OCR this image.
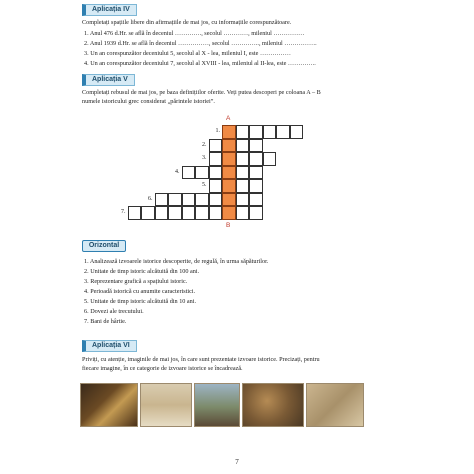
Aplicația IV
Completați spațiile libere din afirmațiile de mai jos, cu informațiile corespunzătoare.
1. Anul 476 d.Hr. se află în deceniul …………., secolul …………, mileniul ……………
2. Anul 1939 d.Hr. se află în deceniul ……………, secolul ………….., mileniul …………….
3. Un an corespunzător deceniului 5, secolul al X - lea, mileniul I, este ……………
4. Un an corespunzător deceniului 7, secolul al XVIII - lea, mileniul al II-lea, este …………..
Aplicația V
Completați rebusul de mai jos, pe baza definițiilor oferite. Veți putea descoperi pe coloana A – B
numele istoricului grec considerat „părintele istoriei”.
A
B
1.
2.
3.
4.
5.
6.
7.
Orizontal
1. Analizează izvoarele istorice descoperite, de regulă, în urma săpăturilor.
2. Unitate de timp istoric alcătuită din 100 ani.
3. Reprezentare grafică a spațiului istoric.
4. Perioadă istorică cu anumite caracteristici.
5. Unitate de timp istoric alcătuită din 10 ani.
6. Dovezi ale trecutului.
7. Bani de hârtie.
Aplicația VI
Priviți, cu atenție, imaginile de mai jos, în care sunt prezentate izvoare istorice. Precizați, pentru
fiecare imagine, în ce categorie de izvoare istorice se încadrează.
7
